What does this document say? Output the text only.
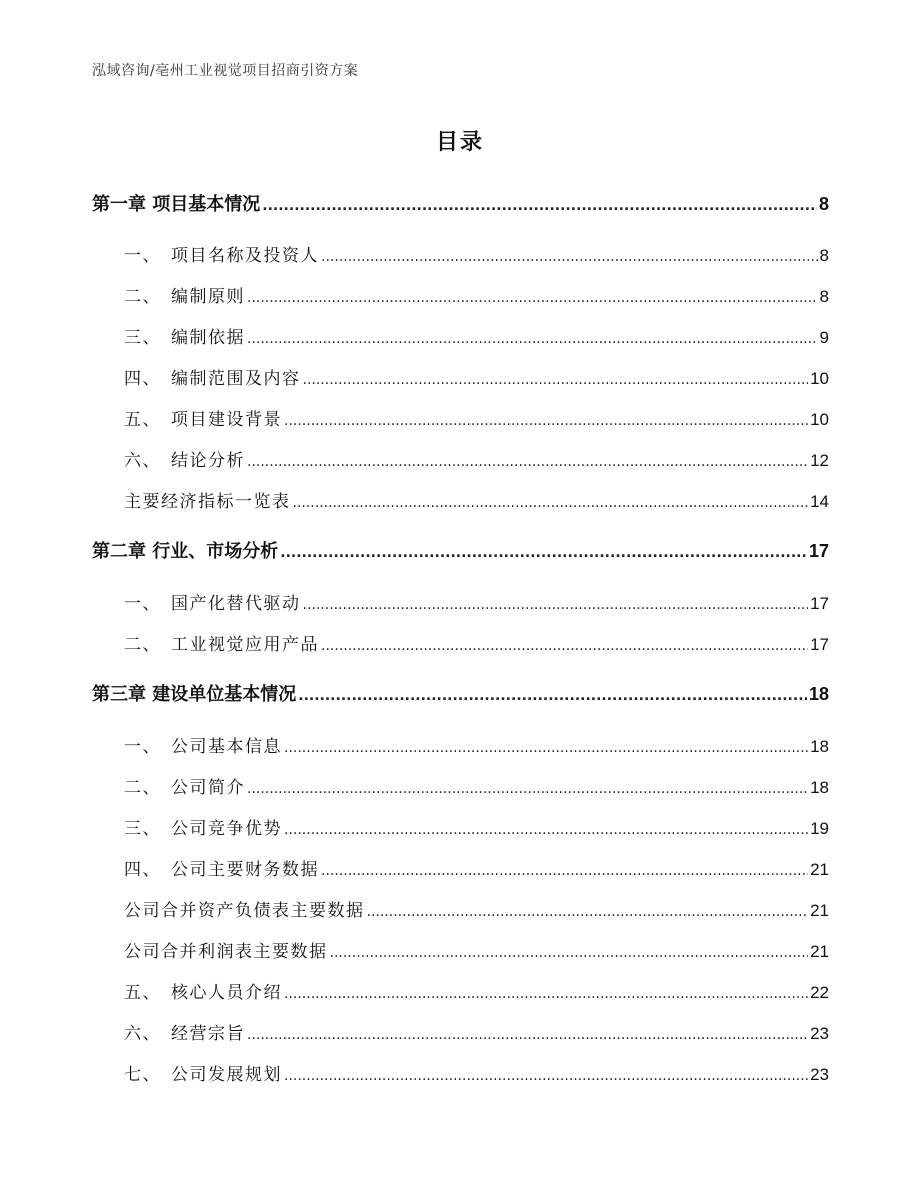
泓域咨询/亳州工业视觉项目招商引资方案
目录
第一章 项目基本情况 .....	8
一、 项目名称及投资人 .....	8
二、 编制原则 .....	8
三、 编制依据 .....	9
四、 编制范围及内容 .....	10
五、 项目建设背景 .....	10
六、 结论分析 .....	12
主要经济指标一览表 .....	14
第二章 行业、市场分析 .....	17
一、 国产化替代驱动 .....	17
二、 工业视觉应用产品 .....	17
第三章 建设单位基本情况 .....	18
一、 公司基本信息 .....	18
二、 公司简介 .....	18
三、 公司竞争优势 .....	19
四、 公司主要财务数据 .....	21
公司合并资产负债表主要数据 .....	21
公司合并利润表主要数据 .....	21
五、 核心人员介绍 .....	22
六、 经营宗旨 .....	23
七、 公司发展规划 .....	23
